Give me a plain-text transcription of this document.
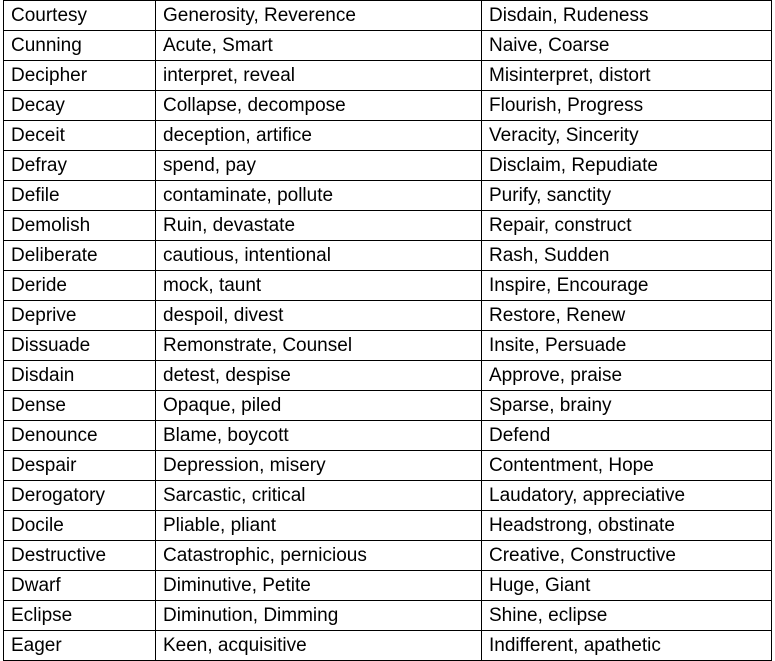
Courtesy	Generosity, Reverence	Disdain, Rudeness
Cunning	Acute, Smart	Naive, Coarse
Decipher	interpret, reveal	Misinterpret, distort
Decay	Collapse, decompose	Flourish, Progress
Deceit	deception, artifice	Veracity, Sincerity
Defray	spend, pay	Disclaim, Repudiate
Defile	contaminate, pollute	Purify, sanctity
Demolish	Ruin, devastate	Repair, construct
Deliberate	cautious, intentional	Rash, Sudden
Deride	mock, taunt	Inspire, Encourage
Deprive	despoil, divest	Restore, Renew
Dissuade	Remonstrate, Counsel	Insite, Persuade
Disdain	detest, despise	Approve, praise
Dense	Opaque, piled	Sparse, brainy
Denounce	Blame, boycott	Defend
Despair	Depression, misery	Contentment, Hope
Derogatory	Sarcastic, critical	Laudatory, appreciative
Docile	Pliable, pliant	Headstrong, obstinate
Destructive	Catastrophic, pernicious	Creative, Constructive
Dwarf	Diminutive, Petite	Huge, Giant
Eclipse	Diminution, Dimming	Shine, eclipse
Eager	Keen, acquisitive	Indifferent, apathetic
